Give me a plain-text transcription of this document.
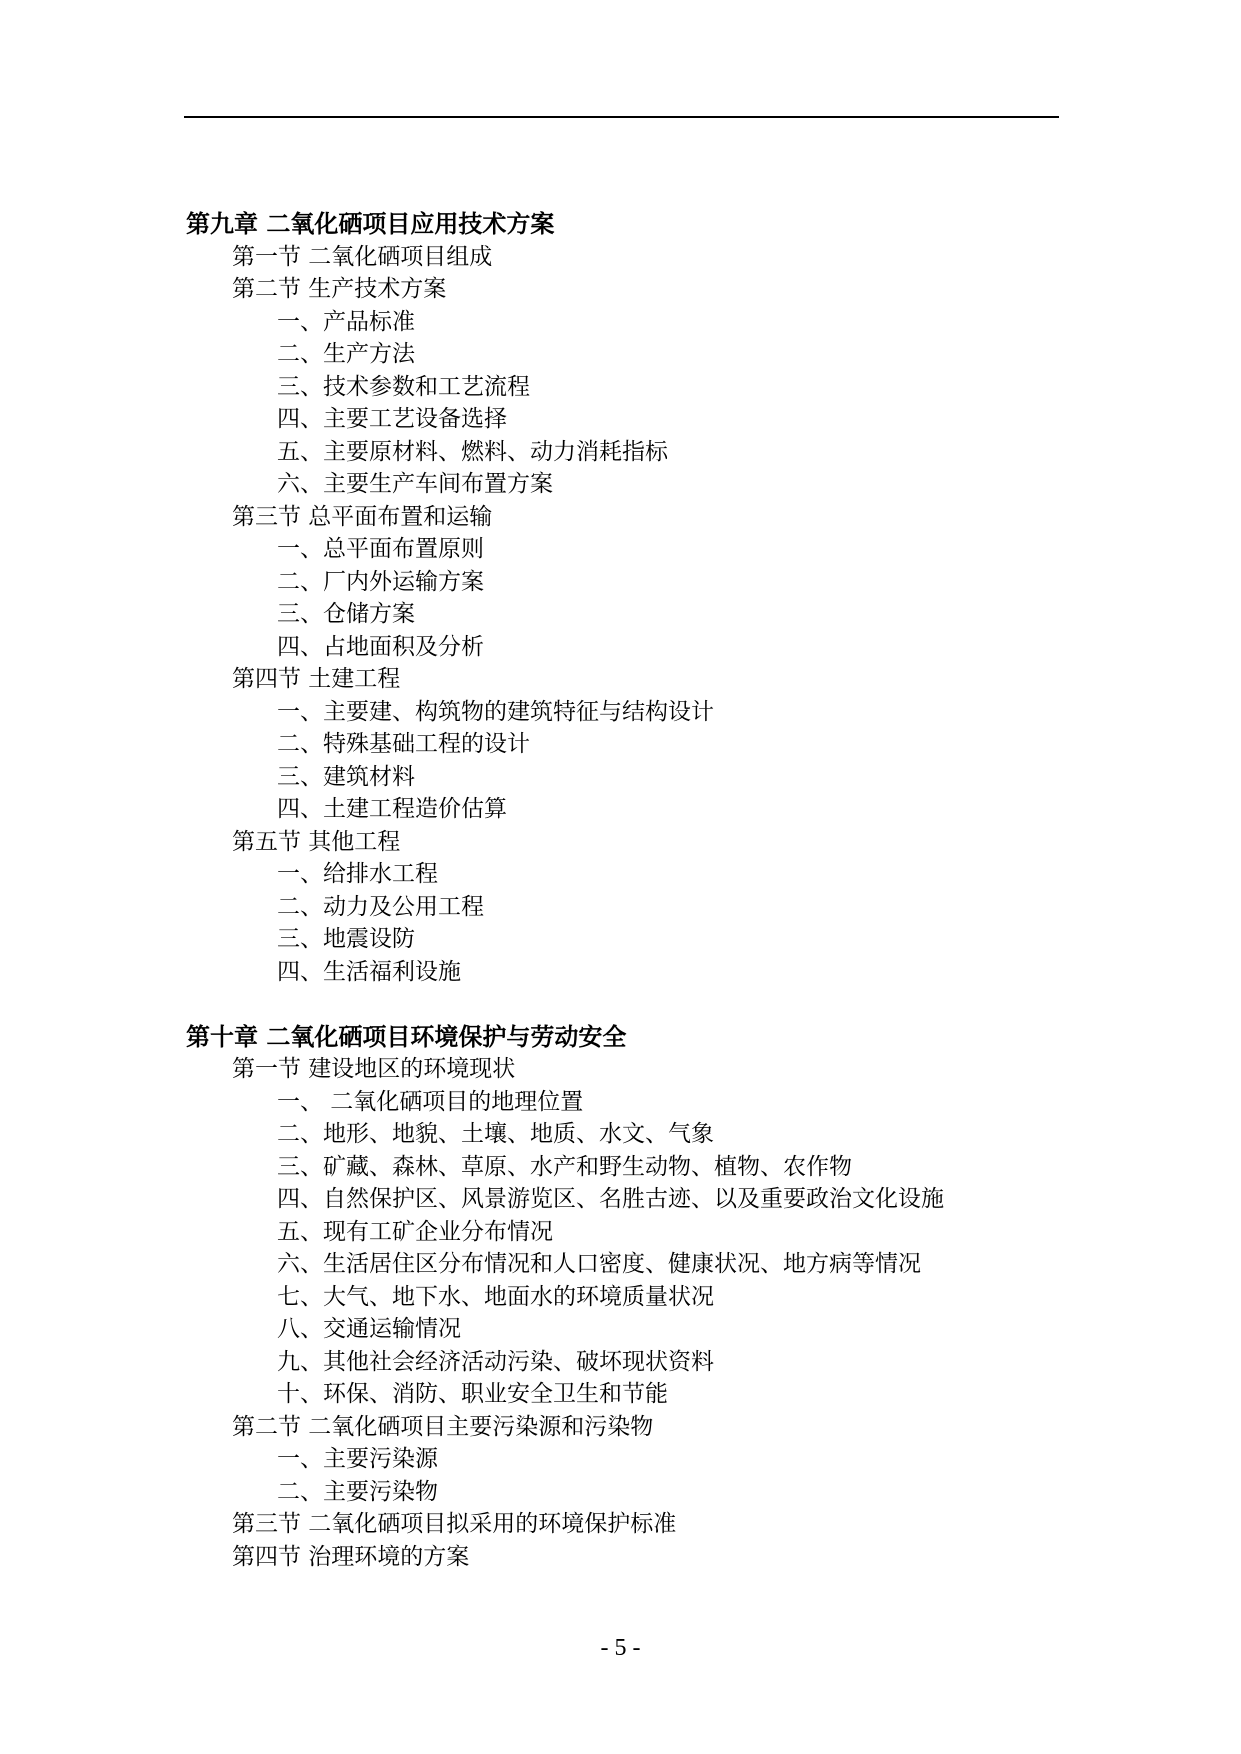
第九章 二氧化硒项目应用技术方案
第一节 二氧化硒项目组成
第二节 生产技术方案
一、产品标准
二、生产方法
三、技术参数和工艺流程
四、主要工艺设备选择
五、主要原材料、燃料、动力消耗指标
六、主要生产车间布置方案
第三节 总平面布置和运输
一、总平面布置原则
二、厂内外运输方案
三、仓储方案
四、占地面积及分析
第四节 土建工程
一、主要建、构筑物的建筑特征与结构设计
二、特殊基础工程的设计
三、建筑材料
四、土建工程造价估算
第五节 其他工程
一、给排水工程
二、动力及公用工程
三、地震设防
四、生活福利设施
第十章 二氧化硒项目环境保护与劳动安全
第一节 建设地区的环境现状
一、 二氧化硒项目的地理位置
二、地形、地貌、土壤、地质、水文、气象
三、矿藏、森林、草原、水产和野生动物、植物、农作物
四、自然保护区、风景游览区、名胜古迹、以及重要政治文化设施
五、现有工矿企业分布情况
六、生活居住区分布情况和人口密度、健康状况、地方病等情况
七、大气、地下水、地面水的环境质量状况
八、交通运输情况
九、其他社会经济活动污染、破坏现状资料
十、环保、消防、职业安全卫生和节能
第二节 二氧化硒项目主要污染源和污染物
一、主要污染源
二、主要污染物
第三节 二氧化硒项目拟采用的环境保护标准
第四节 治理环境的方案
- 5 -
